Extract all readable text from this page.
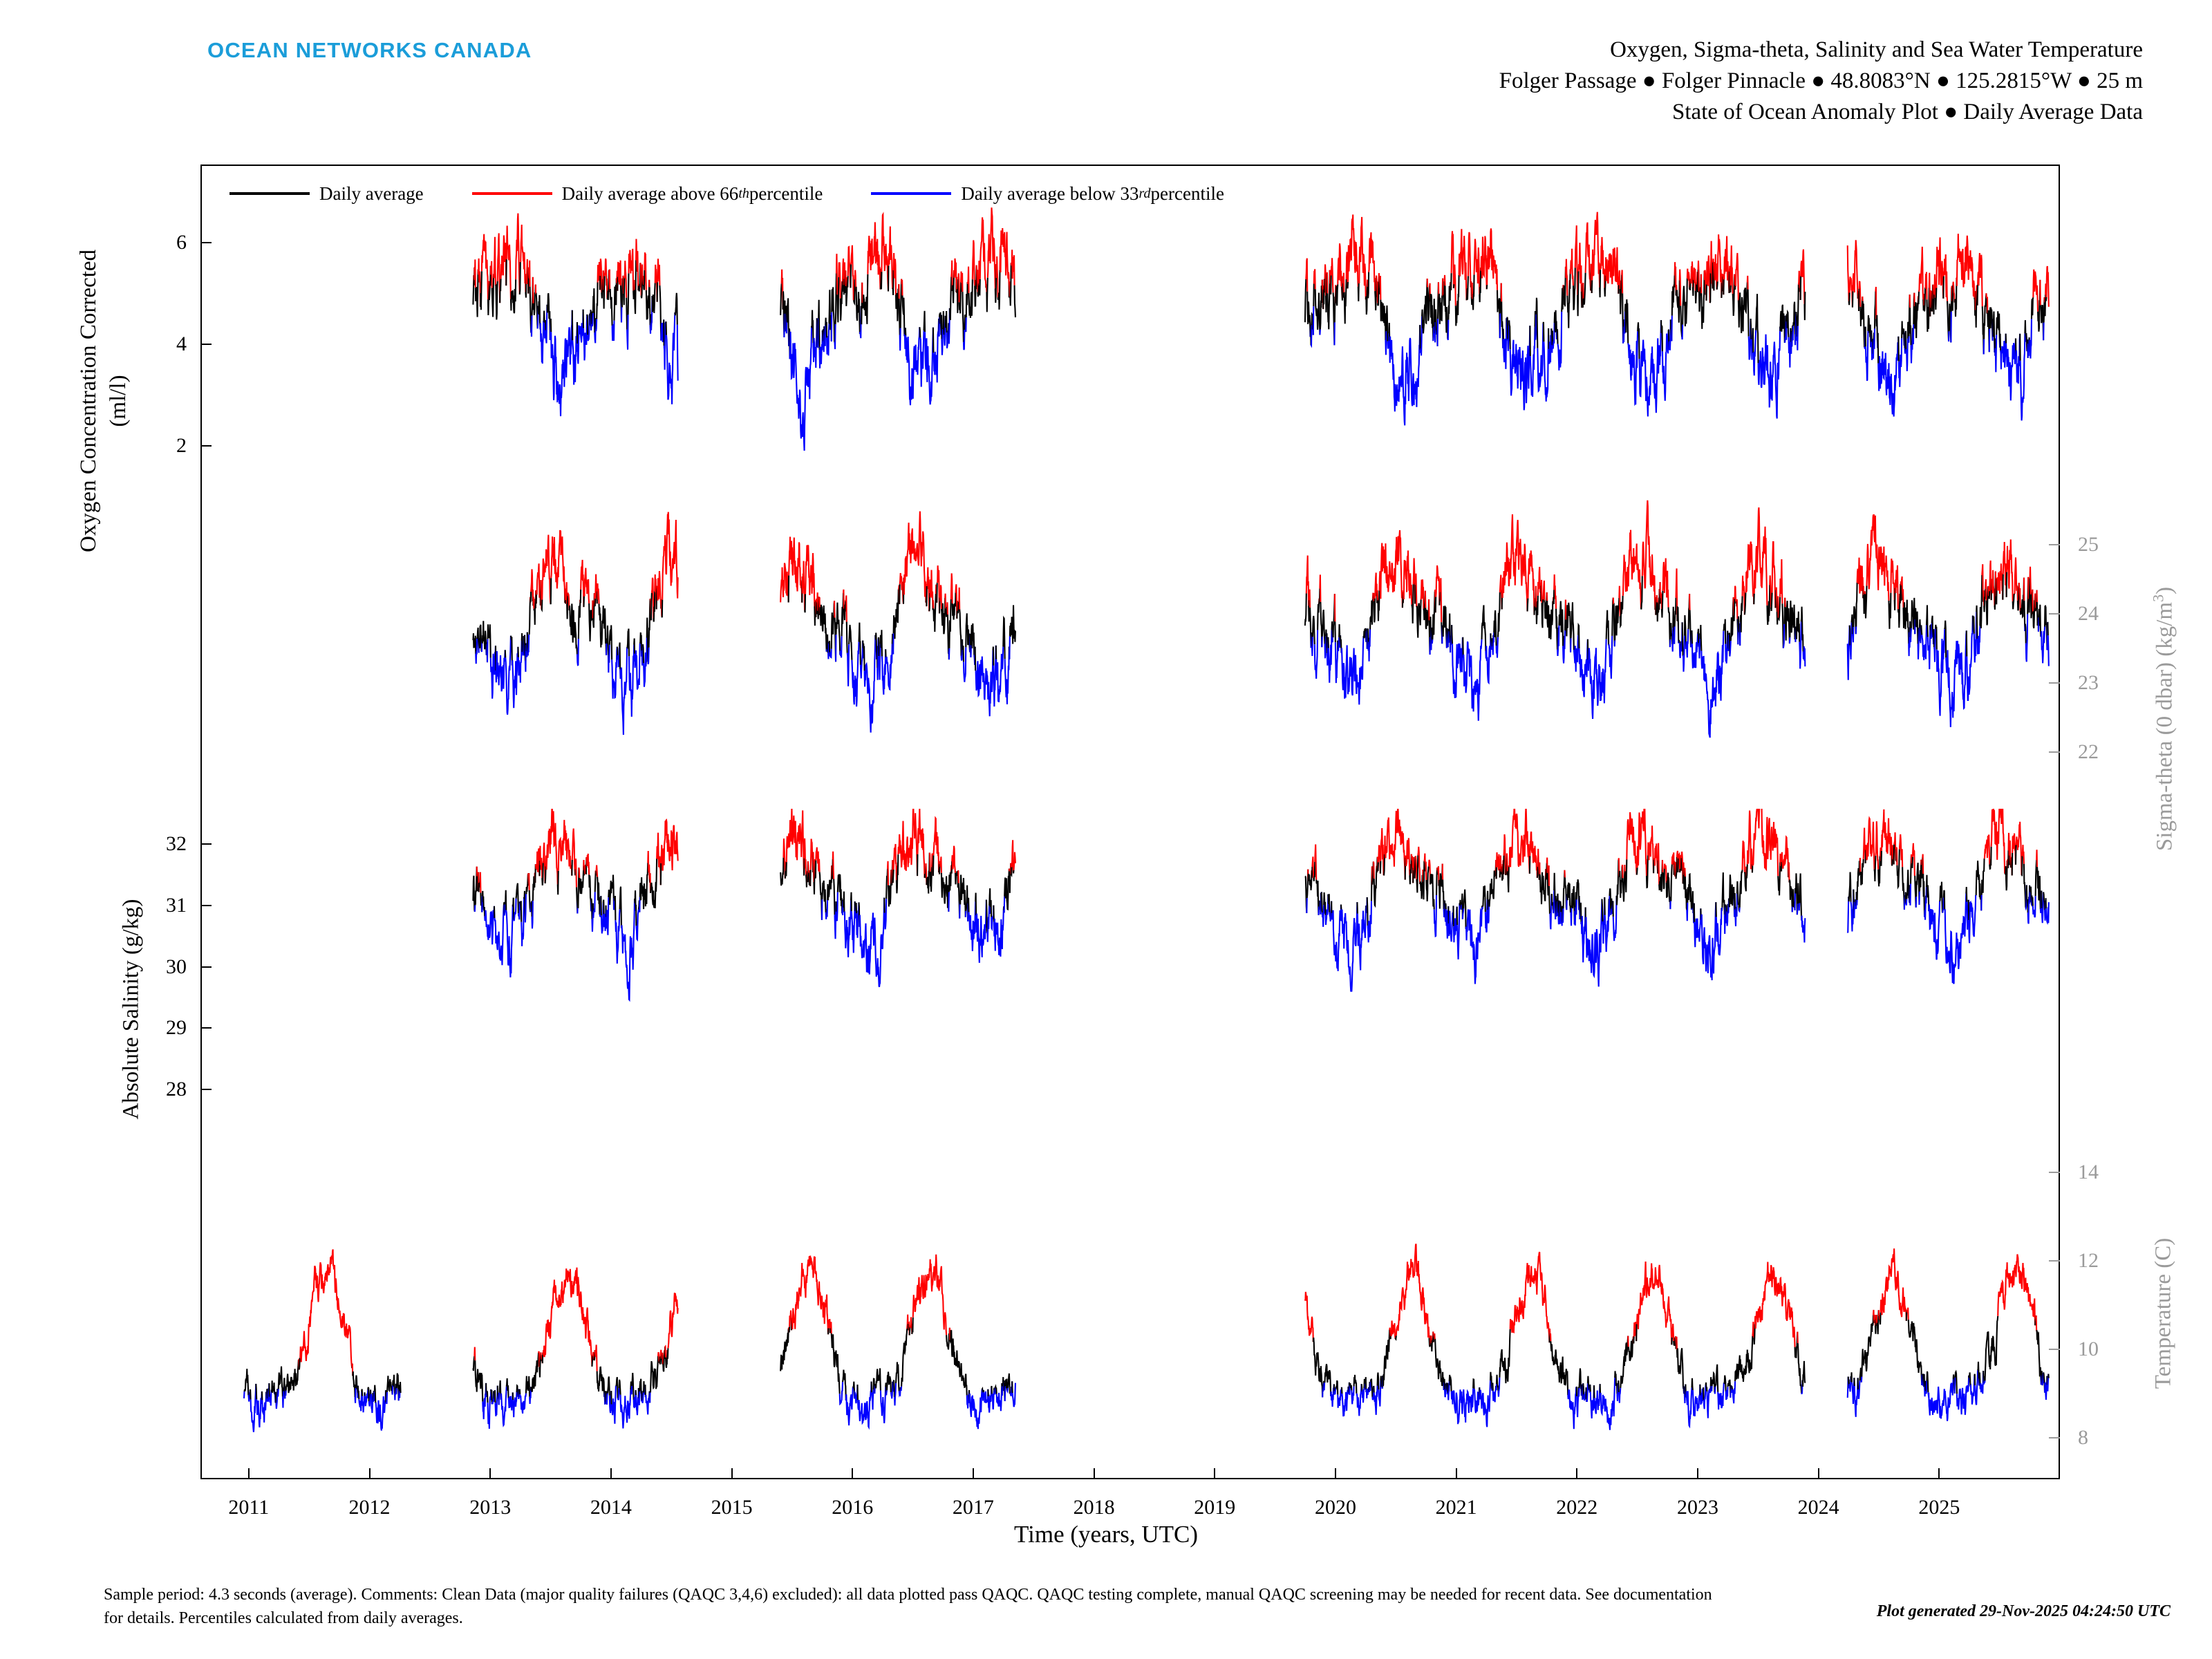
OCEAN NETWORKS CANADA	Oxygen, Sigma-theta, Salinity and Sea Water Temperature
Folger Passage ● Folger Pinnacle ● 48.8083°N ● 125.2815°W ● 25 m
State of Ocean Anomaly Plot ● Daily Average Data
Daily average	Daily average above 66 th percentile	Daily average below 33 rd percentile
2
4
6
22
23
24
25
28
29
30
31
32
8
10
12
14
2011	2012	2013	2014	2015	2016	2017	2018	2019	2020	2021	2022	2023	2024	2025
Oxygen Concentration Corrected (ml/l)
Absolute Salinity (g/kg)
Sigma-theta (0 dbar) $(kg/m^3)$
Temperature (C)
Time (years, UTC)
Sample period: 4.3 seconds (average). Comments: Clean Data (major quality failures (QAQC 3,4,6) excluded): all data plotted pass QAQC. QAQC testing complete, manual QAQC screening may be needed for recent data. See documentation for details. Percentiles calculated from daily averages.	Plot generated 29-Nov-2025 04:24:50 UTC
